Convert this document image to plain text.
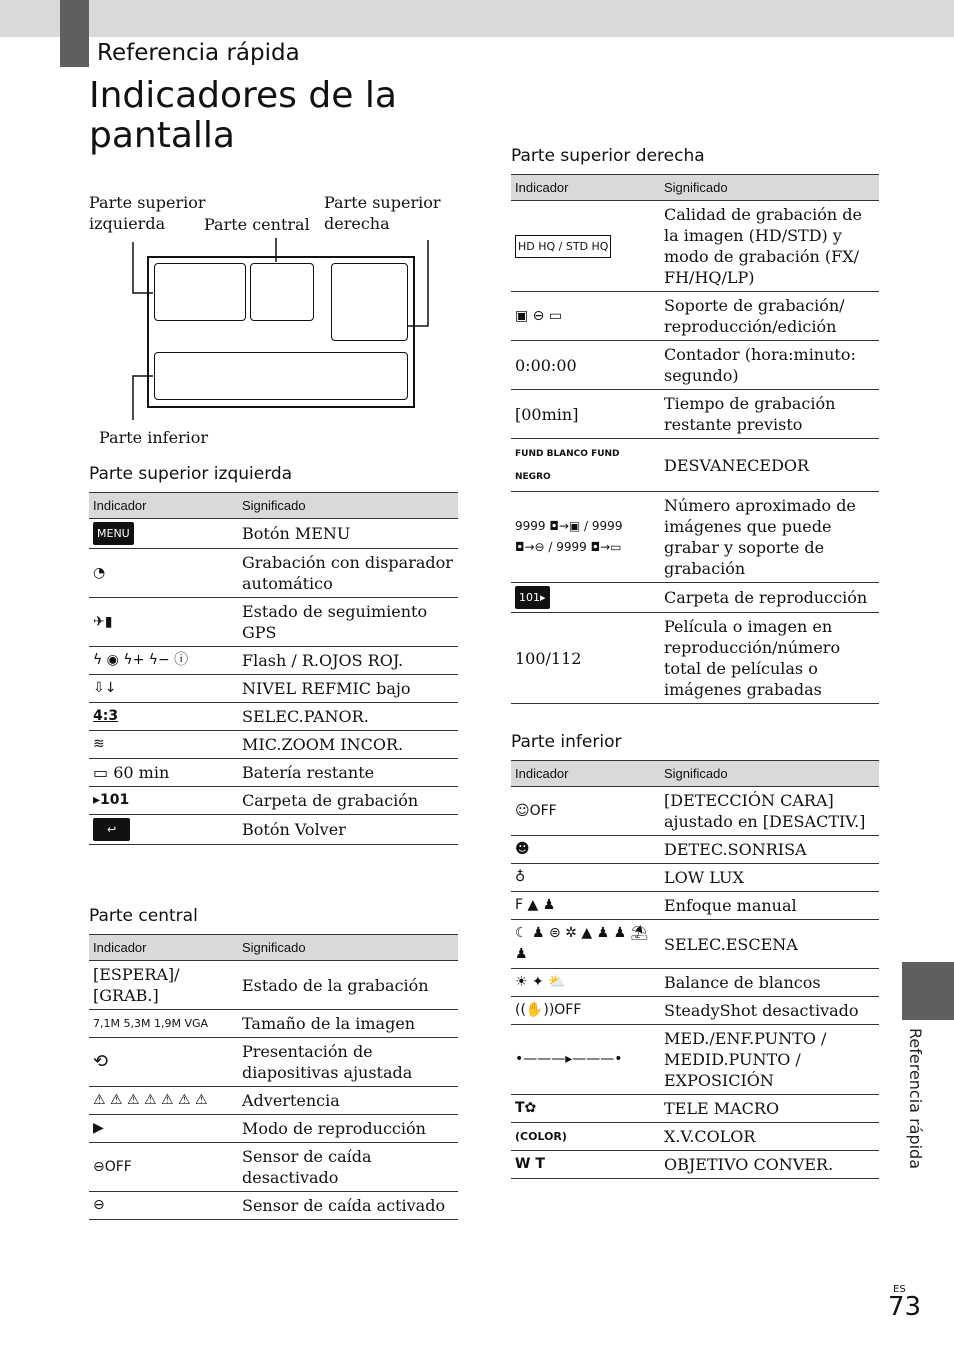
Referencia rápida
Indicadores de la pantalla
Parte superior izquierda	Parte central
Parte superior derecha
Parte inferior
Parte superior izquierda
Indicador	Significado
MENU	Botón MENU
◔	Grabación con disparador automático
✈▮	Estado de seguimiento GPS
ϟ ◉ ϟ+ ϟ− ⓘ	Flash / R.OJOS ROJ.
⇩↓	NIVEL REFMIC bajo
4:3	SELEC.PANOR.
≋	MIC.ZOOM INCOR.
▭ 60 min	Batería restante
▸101	Carpeta de grabación
↩	Botón Volver
Parte central
Indicador	Significado
[ESPERA]/ [GRAB.]	Estado de la grabación
7,1M 5,3M 1,9M VGA	Tamaño de la imagen
⟲	Presentación de diapositivas ajustada
⚠ ⚠ ⚠ ⚠ ⚠ ⚠ ⚠	Advertencia
▶	Modo de reproducción
⊖OFF	Sensor de caída desactivado
⊖	Sensor de caída activado
Parte superior derecha
Indicador	Significado
HD HQ / STD HQ	Calidad de grabación de la imagen (HD/STD) y modo de grabación (FX/ FH/HQ/LP)
▣ ⊖ ▭	Soporte de grabación/ reproducción/edición
0:00:00	Contador (hora:minuto: segundo)
[00min]	Tiempo de grabación restante previsto
FUND BLANCO FUND NEGRO	DESVANECEDOR
9999 ◘→▣ / 9999 ◘→⊖ / 9999 ◘→▭	Número aproximado de imágenes que puede grabar y soporte de grabación
101▸	Carpeta de reproducción
100/112	Película o imagen en reproducción/número total de películas o imágenes grabadas
Parte inferior
Indicador	Significado
☺OFF	[DETECCIÓN CARA] ajustado en [DESACTIV.]
☻	DETEC.SONRISA
♁	LOW LUX
F ▲ ♟	Enfoque manual
☾ ♟ ⊜ ✲ ▲ ♟ ♟ ⛱ ♟	SELEC.ESCENA
☀ ✦ ⛅	Balance de blancos
((✋))OFF	SteadyShot desactivado
•———▸———•	MED./ENF.PUNTO / MEDID.PUNTO / EXPOSICIÓN
T✿	TELE MACRO
(COLOR)	X.V.COLOR
W T	OBJETIVO CONVER.	Referencia rápida
ES
73
